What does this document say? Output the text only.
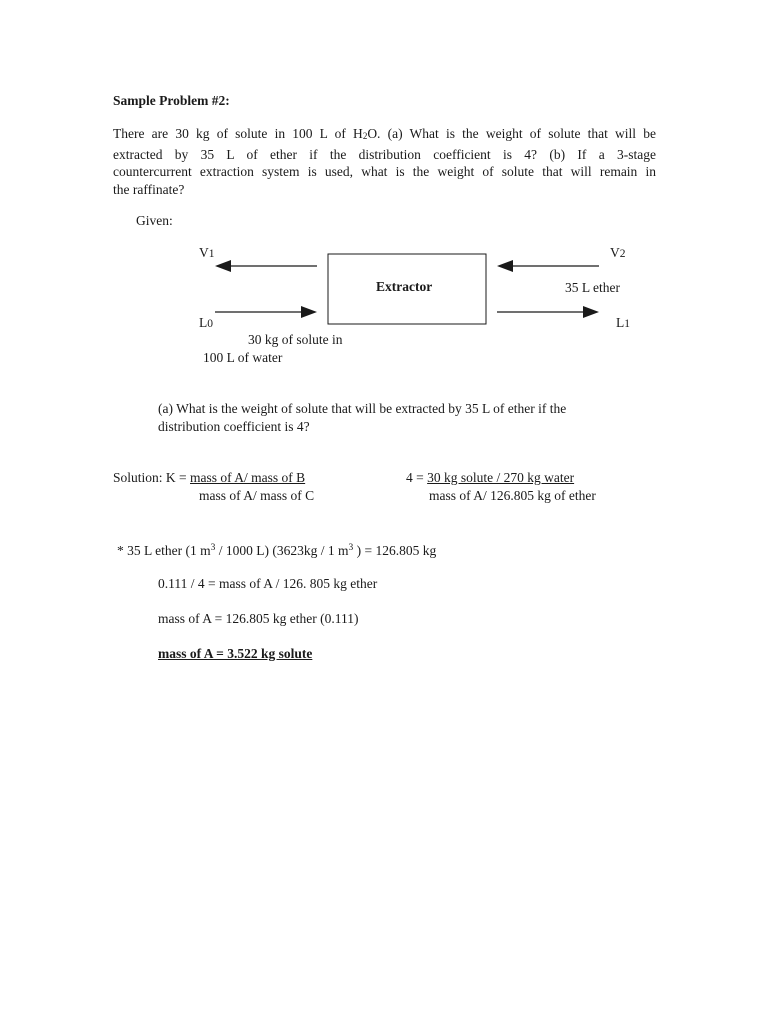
Sample Problem #2:
There are 30 kg of solute in 100 L of $H_2O$. (a) What is the weight of solute that will be
extracted by 35 L of ether if the distribution coefficient is 4? (b) If a 3-stage
countercurrent extraction system is used, what is the weight of solute that will remain in
the raffinate?
Given:
Extractor
V1	V2
L0	L1
35 L ether
30 kg of solute in
100 L of water
(a) What is the weight of solute that will be extracted by 35 L of ether if the
distribution coefficient is 4?
Solution: K = mass of A/ mass of B
mass of A/ mass of C
4 = 30 kg solute / 270 kg water
mass of A/ 126.805 kg of ether
* 35 L ether (1 $m^3 / 1000$ L) (3623kg / 1 $m^3$ ) = 126.805 kg
0.111 / 4 = mass of A / 126. 805 kg ether
mass of A = 126.805 kg ether (0.111)
mass of A = 3.522 kg solute
